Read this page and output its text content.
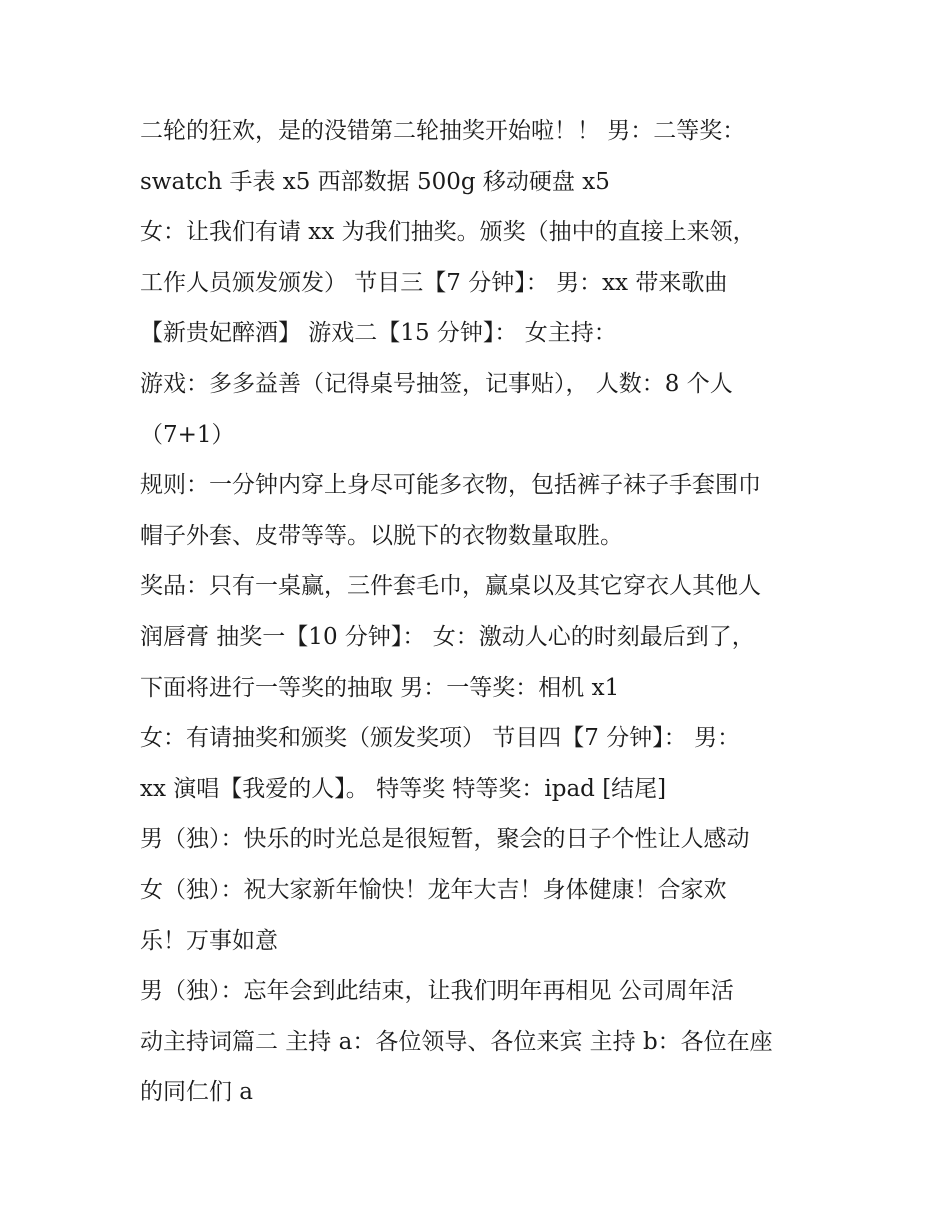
二轮的狂欢，是的没错第二轮抽奖开始啦！！ 男：二等奖：
swatch 手表 x5 西部数据 500g 移动硬盘 x5
女：让我们有请 xx 为我们抽奖。颁奖（抽中的直接上来领，
工作人员颁发颁发） 节目三【7 分钟】： 男：xx 带来歌曲
【新贵妃醉酒】 游戏二【15 分钟】： 女主持：
游戏：多多益善（记得桌号抽签，记事贴）， 人数：8 个人
（7+1）
规则：一分钟内穿上身尽可能多衣物，包括裤子袜子手套围巾
帽子外套、皮带等等。以脱下的衣物数量取胜。
奖品：只有一桌赢，三件套毛巾，赢桌以及其它穿衣人其他人
润唇膏 抽奖一【10 分钟】： 女：激动人心的时刻最后到了，
下面将进行一等奖的抽取 男：一等奖：相机 x1
女：有请抽奖和颁奖（颁发奖项） 节目四【7 分钟】： 男：
xx 演唱【我爱的人】。 特等奖 特等奖：ipad [结尾]
男（独）：快乐的时光总是很短暂，聚会的日子个性让人感动
女（独）：祝大家新年愉快！龙年大吉！身体健康！合家欢
乐！万事如意
男（独）：忘年会到此结束，让我们明年再相见 公司周年活
动主持词篇二 主持 a：各位领导、各位来宾 主持 b：各位在座
的同仁们 a
